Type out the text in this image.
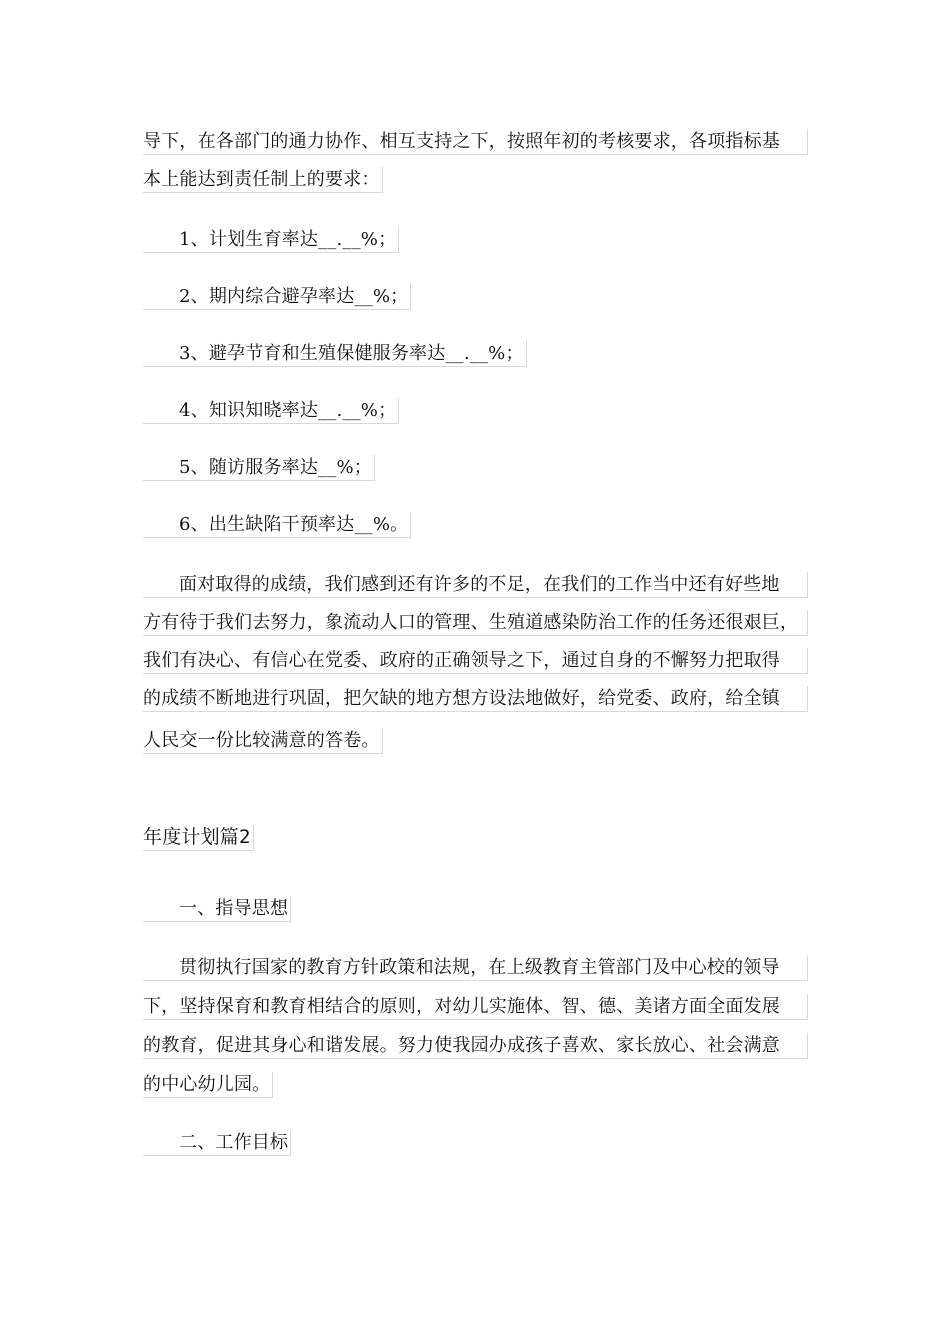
导下，在各部门的通力协作、相互支持之下，按照年初的考核要求，各项指标基
本上能达到责任制上的要求：
1、计划生育率达__.__%；
2、期内综合避孕率达__%；
3、避孕节育和生殖保健服务率达__.__%；
4、知识知晓率达__.__%；
5、随访服务率达__%；
6、出生缺陷干预率达__%。
面对取得的成绩，我们感到还有许多的不足，在我们的工作当中还有好些地
方有待于我们去努力，象流动人口的管理、生殖道感染防治工作的任务还很艰巨，
我们有决心、有信心在党委、政府的正确领导之下，通过自身的不懈努力把取得
的成绩不断地进行巩固，把欠缺的地方想方设法地做好，给党委、政府，给全镇
人民交一份比较满意的答卷。
年度计划篇2
一、指导思想
贯彻执行国家的教育方针政策和法规，在上级教育主管部门及中心校的领导
下，坚持保育和教育相结合的原则，对幼儿实施体、智、德、美诸方面全面发展
的教育，促进其身心和谐发展。努力使我园办成孩子喜欢、家长放心、社会满意
的中心幼儿园。
二、工作目标
